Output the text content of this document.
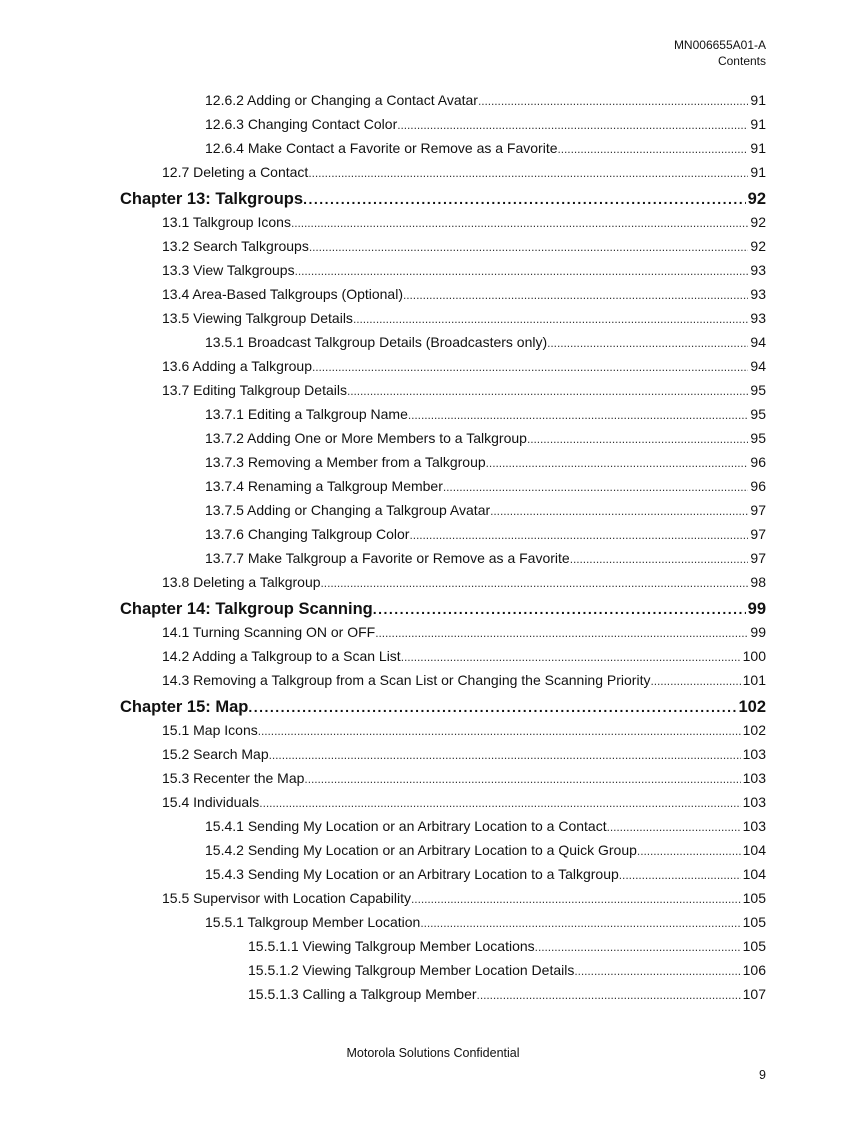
MN006655A01-A
Contents
12.6.2 Adding or Changing a Contact Avatar . . .	91
12.6.3 Changing Contact Color . . .	91
12.6.4 Make Contact a Favorite or Remove as a Favorite . . .	91
12.7 Deleting a Contact . . .	91
Chapter 13: Talkgroups . . .	92
13.1 Talkgroup Icons . . .	92
13.2 Search Talkgroups . . .	92
13.3 View Talkgroups . . .	93
13.4 Area-Based Talkgroups (Optional) . . .	93
13.5 Viewing Talkgroup Details . . .	93
13.5.1 Broadcast Talkgroup Details (Broadcasters only) . . .	94
13.6 Adding a Talkgroup . . .	94
13.7 Editing Talkgroup Details . . .	95
13.7.1 Editing a Talkgroup Name . . .	95
13.7.2 Adding One or More Members to a Talkgroup . . .	95
13.7.3 Removing a Member from a Talkgroup . . .	96
13.7.4 Renaming a Talkgroup Member . . .	96
13.7.5 Adding or Changing a Talkgroup Avatar . . .	97
13.7.6 Changing Talkgroup Color . . .	97
13.7.7 Make Talkgroup a Favorite or Remove as a Favorite . . .	97
13.8 Deleting a Talkgroup . . .	98
Chapter 14: Talkgroup Scanning . . .	99
14.1 Turning Scanning ON or OFF . . .	99
14.2 Adding a Talkgroup to a Scan List . . .	100
14.3 Removing a Talkgroup from a Scan List or Changing the Scanning Priority . . .	101
Chapter 15: Map . . .	102
15.1 Map Icons . . .	102
15.2 Search Map . . .	103
15.3 Recenter the Map . . .	103
15.4 Individuals . . .	103
15.4.1 Sending My Location or an Arbitrary Location to a Contact . . .	103
15.4.2 Sending My Location or an Arbitrary Location to a Quick Group . . .	104
15.4.3 Sending My Location or an Arbitrary Location to a Talkgroup . . .	104
15.5 Supervisor with Location Capability . . .	105
15.5.1 Talkgroup Member Location . . .	105
15.5.1.1 Viewing Talkgroup Member Locations . . .	105
15.5.1.2 Viewing Talkgroup Member Location Details . . .	106
15.5.1.3 Calling a Talkgroup Member . . .	107
Motorola Solutions Confidential
9
